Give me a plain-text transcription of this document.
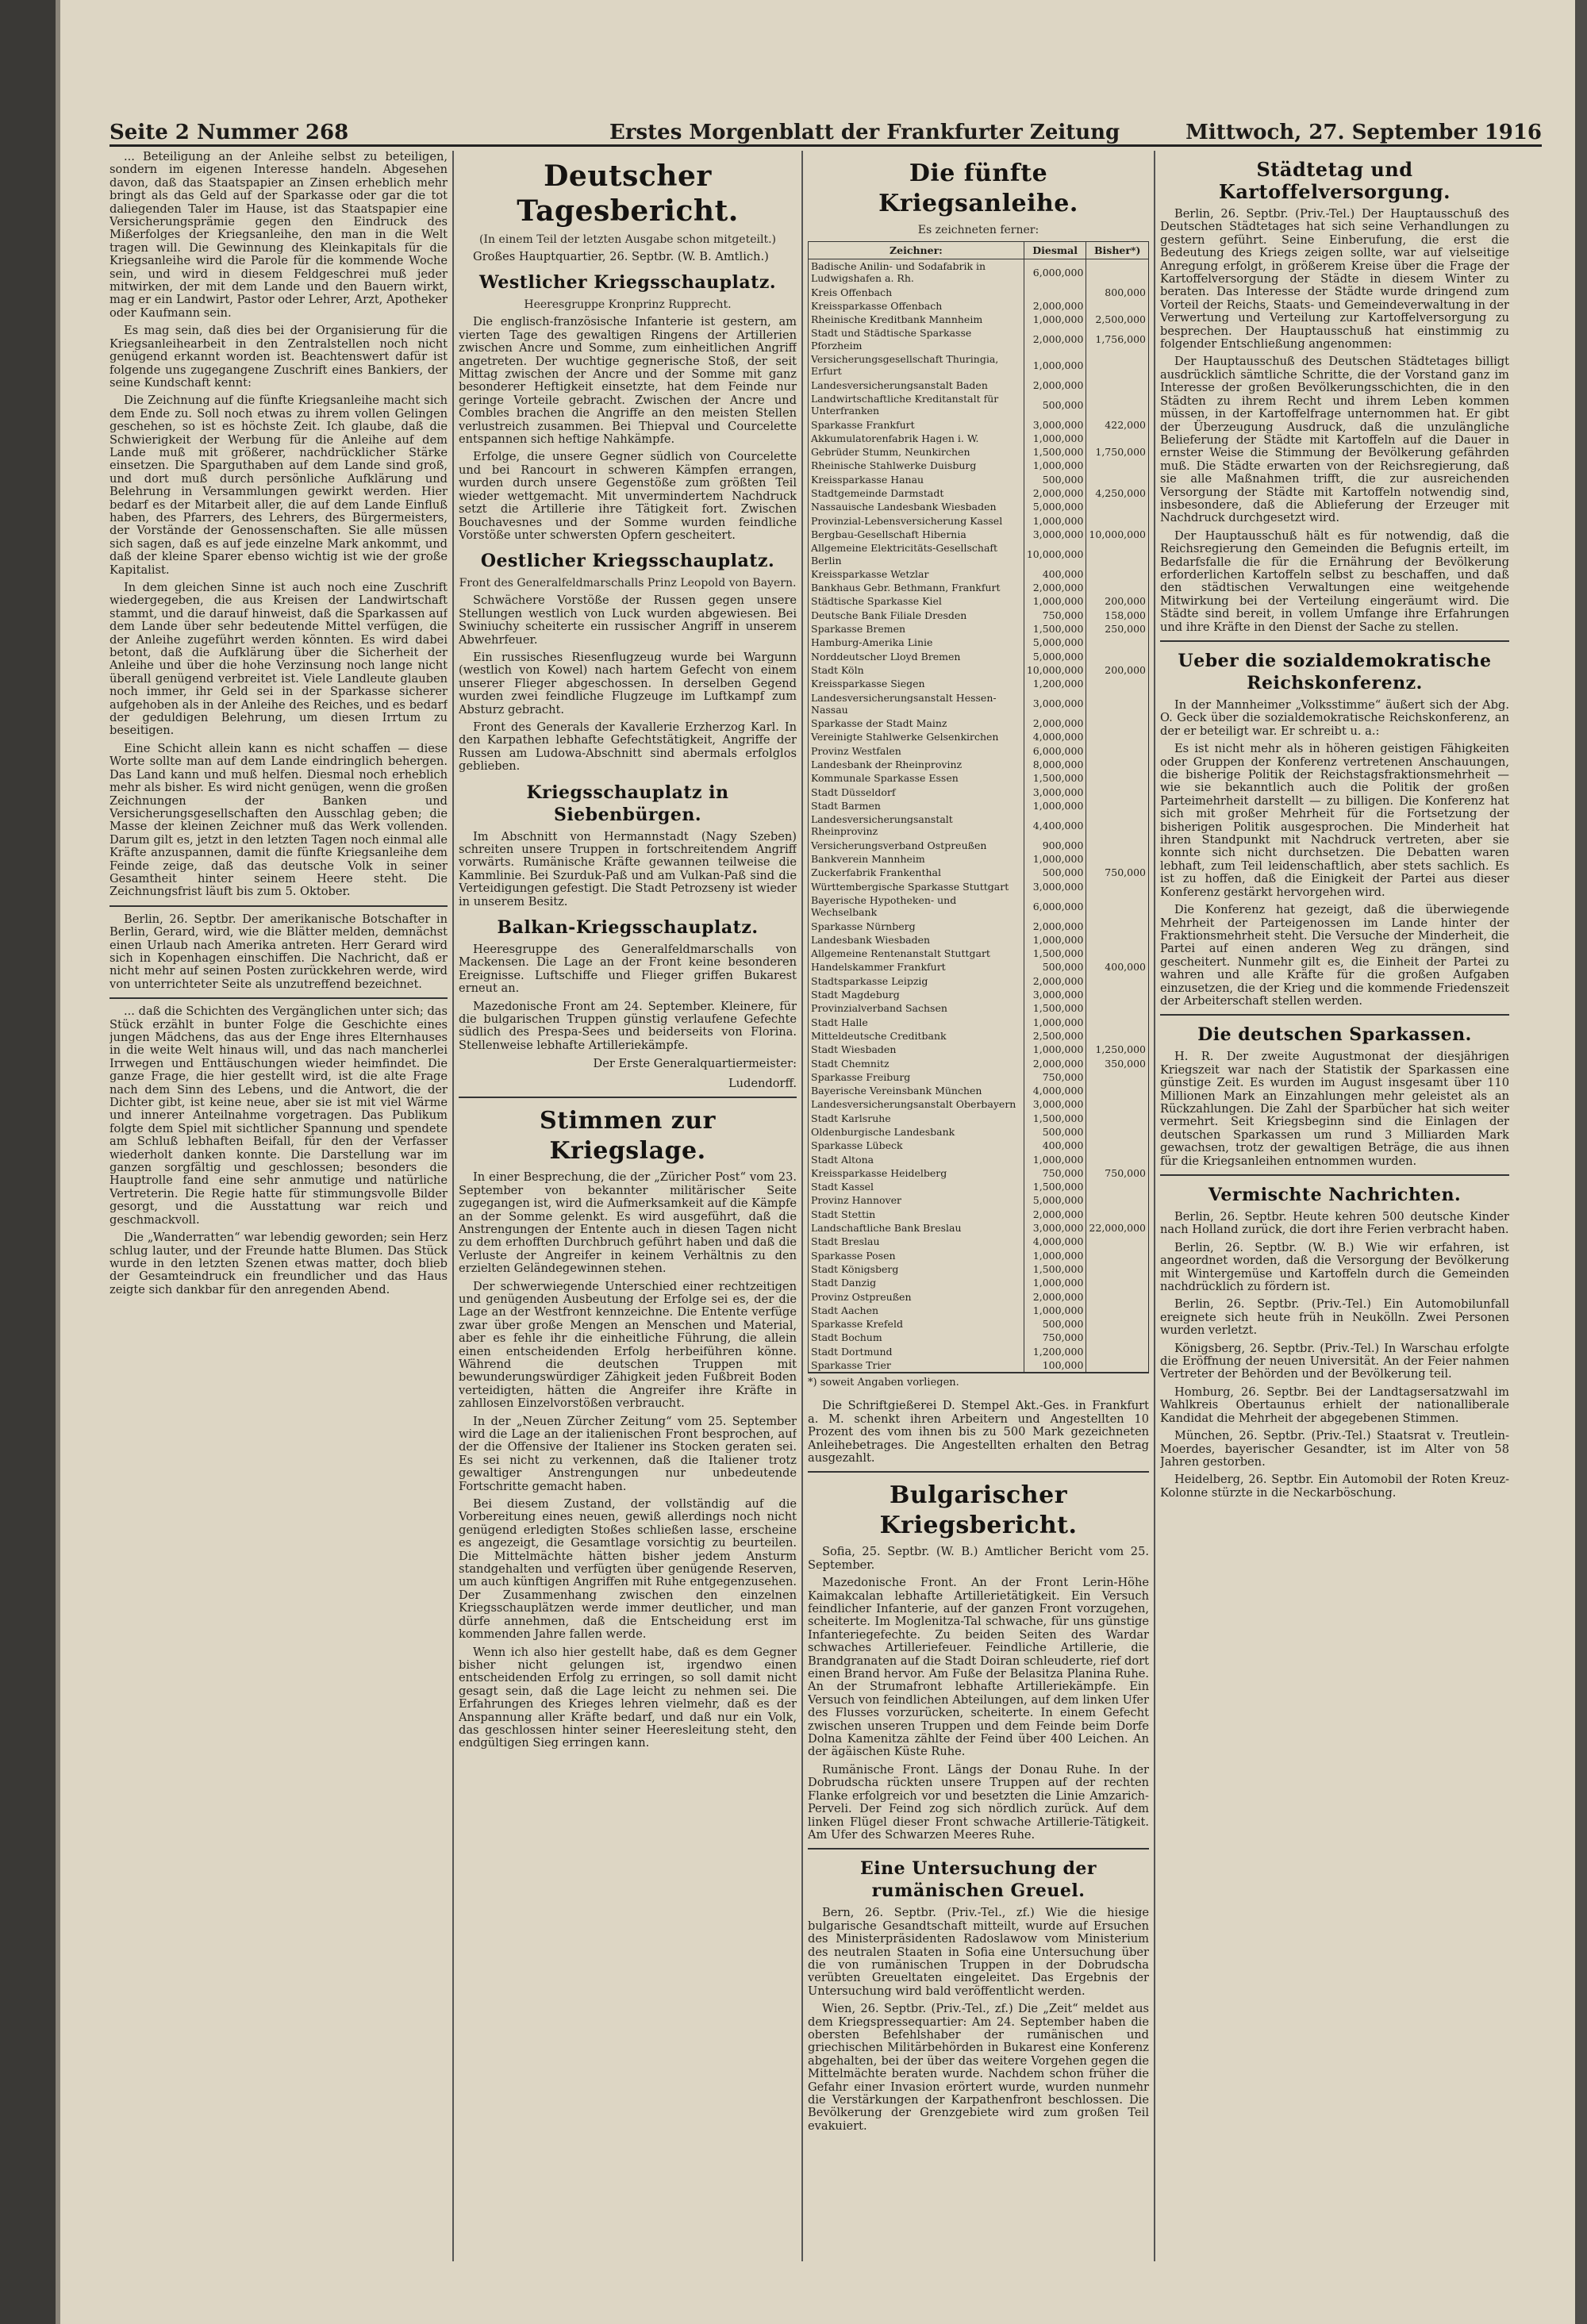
Seite 2 Nummer 268	Erstes Morgenblatt der Frankfurter Zeitung	Mittwoch, 27. September 1916

... Beteiligung an der Anleihe selbst zu beteiligen, sondern im eigenen Interesse handeln. Abgesehen davon, daß das Staatspapier an Zinsen erheblich mehr bringt als das Geld auf der Sparkasse oder gar die tot daliegenden Taler im Hause, ist das Staatspapier eine Versicherungsprämie gegen den Eindruck des Mißerfolges der Kriegsanleihe, den man in die Welt tragen will. Die Gewinnung des Kleinkapitals für die Kriegsanleihe wird die Parole für die kommende Woche sein, und wird in diesem Feldgeschrei muß jeder mitwirken, der mit dem Lande und den Bauern wirkt, mag er ein Landwirt, Pastor oder Lehrer, Arzt, Apotheker oder Kaufmann sein.

Es mag sein, daß dies bei der Organisierung für die Kriegsanleihearbeit in den Zentralstellen noch nicht genügend erkannt worden ist. Beachtenswert dafür ist folgende uns zugegangene Zuschrift eines Bankiers, der seine Kundschaft kennt:

Die Zeichnung auf die fünfte Kriegsanleihe macht sich dem Ende zu. Soll noch etwas zu ihrem vollen Gelingen geschehen, so ist es höchste Zeit. Ich glaube, daß die Schwierigkeit der Werbung für die Anleihe auf dem Lande muß mit größerer, nachdrücklicher Stärke einsetzen. Die Sparguthaben auf dem Lande sind groß, und dort muß durch persönliche Aufklärung und Belehrung in Versammlungen gewirkt werden. Hier bedarf es der Mitarbeit aller, die auf dem Lande Einfluß haben, des Pfarrers, des Lehrers, des Bürgermeisters, der Vorstände der Genossenschaften. Sie alle müssen sich sagen, daß es auf jede einzelne Mark ankommt, und daß der kleine Sparer ebenso wichtig ist wie der große Kapitalist.

In dem gleichen Sinne ist auch noch eine Zuschrift wiedergegeben, die aus Kreisen der Landwirtschaft stammt, und die darauf hinweist, daß die Sparkassen auf dem Lande über sehr bedeutende Mittel verfügen, die der Anleihe zugeführt werden könnten. Es wird dabei betont, daß die Aufklärung über die Sicherheit der Anleihe und über die hohe Verzinsung noch lange nicht überall genügend verbreitet ist. Viele Landleute glauben noch immer, ihr Geld sei in der Sparkasse sicherer aufgehoben als in der Anleihe des Reiches, und es bedarf der geduldigen Belehrung, um diesen Irrtum zu beseitigen.

Eine Schicht allein kann es nicht schaffen — diese Worte sollte man auf dem Lande eindringlich behergen. Das Land kann und muß helfen. Diesmal noch erheblich mehr als bisher. Es wird nicht genügen, wenn die großen Zeichnungen der Banken und Versicherungsgesellschaften den Ausschlag geben; die Masse der kleinen Zeichner muß das Werk vollenden. Darum gilt es, jetzt in den letzten Tagen noch einmal alle Kräfte anzuspannen, damit die fünfte Kriegsanleihe dem Feinde zeige, daß das deutsche Volk in seiner Gesamtheit hinter seinem Heere steht. Die Zeichnungsfrist läuft bis zum 5. Oktober.

Berlin, 26. Septbr. Der amerikanische Botschafter in Berlin, Gerard, wird, wie die Blätter melden, demnächst einen Urlaub nach Amerika antreten. Herr Gerard wird sich in Kopenhagen einschiffen. Die Nachricht, daß er nicht mehr auf seinen Posten zurückkehren werde, wird von unterrichteter Seite als unzutreffend bezeichnet.

... daß die Schichten des Vergänglichen unter sich; das Stück erzählt in bunter Folge die Geschichte eines jungen Mädchens, das aus der Enge ihres Elternhauses in die weite Welt hinaus will, und das nach mancherlei Irrwegen und Enttäuschungen wieder heimfindet. Die ganze Frage, die hier gestellt wird, ist die alte Frage nach dem Sinn des Lebens, und die Antwort, die der Dichter gibt, ist keine neue, aber sie ist mit viel Wärme und innerer Anteilnahme vorgetragen. Das Publikum folgte dem Spiel mit sichtlicher Spannung und spendete am Schluß lebhaften Beifall, für den der Verfasser wiederholt danken konnte. Die Darstellung war im ganzen sorgfältig und geschlossen; besonders die Hauptrolle fand eine sehr anmutige und natürliche Vertreterin. Die Regie hatte für stimmungsvolle Bilder gesorgt, und die Ausstattung war reich und geschmackvoll.

Die „Wanderratten“ war lebendig geworden; sein Herz schlug lauter, und der Freunde hatte Blumen. Das Stück wurde in den letzten Szenen etwas matter, doch blieb der Gesamteindruck ein freundlicher und das Haus zeigte sich dankbar für den anregenden Abend.

Deutscher Tagesbericht.

(In einem Teil der letzten Ausgabe schon mitgeteilt.)

Großes Hauptquartier, 26. Septbr. (W. B. Amtlich.)

Westlicher Kriegsschauplatz.

Heeresgruppe Kronprinz Rupprecht.

Die englisch-französische Infanterie ist gestern, am vierten Tage des gewaltigen Ringens der Artillerien zwischen Ancre und Somme, zum einheitlichen Angriff angetreten. Der wuchtige gegnerische Stoß, der seit Mittag zwischen der Ancre und der Somme mit ganz besonderer Heftigkeit einsetzte, hat dem Feinde nur geringe Vorteile gebracht. Zwischen der Ancre und Combles brachen die Angriffe an den meisten Stellen verlustreich zusammen. Bei Thiepval und Courcelette entspannen sich heftige Nahkämpfe.

Erfolge, die unsere Gegner südlich von Courcelette und bei Rancourt in schweren Kämpfen errangen, wurden durch unsere Gegenstöße zum größten Teil wieder wettgemacht. Mit unvermindertem Nachdruck setzt die Artillerie ihre Tätigkeit fort. Zwischen Bouchavesnes und der Somme wurden feindliche Vorstöße unter schwersten Opfern gescheitert.

Oestlicher Kriegsschauplatz.

Front des Generalfeldmarschalls Prinz Leopold von Bayern.

Schwächere Vorstöße der Russen gegen unsere Stellungen westlich von Luck wurden abgewiesen. Bei Swiniuchy scheiterte ein russischer Angriff in unserem Abwehrfeuer.

Ein russisches Riesenflugzeug wurde bei Wargunn (westlich von Kowel) nach hartem Gefecht von einem unserer Flieger abgeschossen. In derselben Gegend wurden zwei feindliche Flugzeuge im Luftkampf zum Absturz gebracht.

Front des Generals der Kavallerie Erzherzog Karl. In den Karpathen lebhafte Gefechtstätigkeit, Angriffe der Russen am Ludowa-Abschnitt sind abermals erfolglos geblieben.

Kriegsschauplatz in Siebenbürgen.

Im Abschnitt von Hermannstadt (Nagy Szeben) schreiten unsere Truppen in fortschreitendem Angriff vorwärts. Rumänische Kräfte gewannen teilweise die Kammlinie. Bei Szurduk-Paß und am Vulkan-Paß sind die Verteidigungen gefestigt. Die Stadt Petrozseny ist wieder in unserem Besitz.

Balkan-Kriegsschauplatz.

Heeresgruppe des Generalfeldmarschalls von Mackensen. Die Lage an der Front keine besonderen Ereignisse. Luftschiffe und Flieger griffen Bukarest erneut an.

Mazedonische Front am 24. September. Kleinere, für die bulgarischen Truppen günstig verlaufene Gefechte südlich des Prespa-Sees und beiderseits von Florina. Stellenweise lebhafte Artilleriekämpfe.

Der Erste Generalquartiermeister:

Ludendorff.

Stimmen zur Kriegslage.

In einer Besprechung, die der „Züricher Post“ vom 23. September von bekannter militärischer Seite zugegangen ist, wird die Aufmerksamkeit auf die Kämpfe an der Somme gelenkt. Es wird ausgeführt, daß die Anstrengungen der Entente auch in diesen Tagen nicht zu dem erhofften Durchbruch geführt haben und daß die Verluste der Angreifer in keinem Verhältnis zu den erzielten Geländegewinnen stehen.

Der schwerwiegende Unterschied einer rechtzeitigen und genügenden Ausbeutung der Erfolge sei es, der die Lage an der Westfront kennzeichne. Die Entente verfüge zwar über große Mengen an Menschen und Material, aber es fehle ihr die einheitliche Führung, die allein einen entscheidenden Erfolg herbeiführen könne. Während die deutschen Truppen mit bewunderungswürdiger Zähigkeit jeden Fußbreit Boden verteidigten, hätten die Angreifer ihre Kräfte in zahllosen Einzelvorstößen verbraucht.

In der „Neuen Zürcher Zeitung“ vom 25. September wird die Lage an der italienischen Front besprochen, auf der die Offensive der Italiener ins Stocken geraten sei. Es sei nicht zu verkennen, daß die Italiener trotz gewaltiger Anstrengungen nur unbedeutende Fortschritte gemacht haben.

Bei diesem Zustand, der vollständig auf die Vorbereitung eines neuen, gewiß allerdings noch nicht genügend erledigten Stoßes schließen lasse, erscheine es angezeigt, die Gesamtlage vorsichtig zu beurteilen. Die Mittelmächte hätten bisher jedem Ansturm standgehalten und verfügten über genügende Reserven, um auch künftigen Angriffen mit Ruhe entgegenzusehen. Der Zusammenhang zwischen den einzelnen Kriegsschauplätzen werde immer deutlicher, und man dürfe annehmen, daß die Entscheidung erst im kommenden Jahre fallen werde.

Wenn ich also hier gestellt habe, daß es dem Gegner bisher nicht gelungen ist, irgendwo einen entscheidenden Erfolg zu erringen, so soll damit nicht gesagt sein, daß die Lage leicht zu nehmen sei. Die Erfahrungen des Krieges lehren vielmehr, daß es der Anspannung aller Kräfte bedarf, und daß nur ein Volk, das geschlossen hinter seiner Heeresleitung steht, den endgültigen Sieg erringen kann.

Die fünfte Kriegsanleihe.

Es zeichneten ferner:

Zeichner:	Diesmal	Bisher*)
Badische Anilin- und Sodafabrik in Ludwigshafen a. Rh.	6,000,000	
Kreis Offenbach		800,000
Kreissparkasse Offenbach	2,000,000	
Rheinische Kreditbank Mannheim	1,000,000	2,500,000
Stadt und Städtische Sparkasse Pforzheim	2,000,000	1,756,000
Versicherungsgesellschaft Thuringia, Erfurt	1,000,000	
Landesversicherungsanstalt Baden	2,000,000	
Landwirtschaftliche Kreditanstalt für Unterfranken	500,000	
Sparkasse Frankfurt	3,000,000	422,000
Akkumulatorenfabrik Hagen i. W.	1,000,000	
Gebrüder Stumm, Neunkirchen	1,500,000	1,750,000
Rheinische Stahlwerke Duisburg	1,000,000	
Kreissparkasse Hanau	500,000	
Stadtgemeinde Darmstadt	2,000,000	4,250,000
Nassauische Landesbank Wiesbaden	5,000,000	
Provinzial-Lebensversicherung Kassel	1,000,000	
Bergbau-Gesellschaft Hibernia	3,000,000	10,000,000
Allgemeine Elektricitäts-Gesellschaft Berlin	10,000,000	
Kreissparkasse Wetzlar	400,000	
Bankhaus Gebr. Bethmann, Frankfurt	2,000,000	
Städtische Sparkasse Kiel	1,000,000	200,000
Deutsche Bank Filiale Dresden	750,000	158,000
Sparkasse Bremen	1,500,000	250,000
Hamburg-Amerika Linie	5,000,000	
Norddeutscher Lloyd Bremen	5,000,000	
Stadt Köln	10,000,000	200,000
Kreissparkasse Siegen	1,200,000	
Landesversicherungsanstalt Hessen-Nassau	3,000,000	
Sparkasse der Stadt Mainz	2,000,000	
Vereinigte Stahlwerke Gelsenkirchen	4,000,000	
Provinz Westfalen	6,000,000	
Landesbank der Rheinprovinz	8,000,000	
Kommunale Sparkasse Essen	1,500,000	
Stadt Düsseldorf	3,000,000	
Stadt Barmen	1,000,000	
Landesversicherungsanstalt Rheinprovinz	4,400,000	
Versicherungsverband Ostpreußen	900,000	
Bankverein Mannheim	1,000,000	
Zuckerfabrik Frankenthal	500,000	750,000
Württembergische Sparkasse Stuttgart	3,000,000	
Bayerische Hypotheken- und Wechselbank	6,000,000	
Sparkasse Nürnberg	2,000,000	
Landesbank Wiesbaden	1,000,000	
Allgemeine Rentenanstalt Stuttgart	1,500,000	
Handelskammer Frankfurt	500,000	400,000
Stadtsparkasse Leipzig	2,000,000	
Stadt Magdeburg	3,000,000	
Provinzialverband Sachsen	1,500,000	
Stadt Halle	1,000,000	
Mitteldeutsche Creditbank	2,500,000	
Stadt Wiesbaden	1,000,000	1,250,000
Stadt Chemnitz	2,000,000	350,000
Sparkasse Freiburg	750,000	
Bayerische Vereinsbank München	4,000,000	
Landesversicherungsanstalt Oberbayern	3,000,000	
Stadt Karlsruhe	1,500,000	
Oldenburgische Landesbank	500,000	
Sparkasse Lübeck	400,000	
Stadt Altona	1,000,000	
Kreissparkasse Heidelberg	750,000	750,000
Stadt Kassel	1,500,000	
Provinz Hannover	5,000,000	
Stadt Stettin	2,000,000	
Landschaftliche Bank Breslau	3,000,000	22,000,000
Stadt Breslau	4,000,000	
Sparkasse Posen	1,000,000	
Stadt Königsberg	1,500,000	
Stadt Danzig	1,000,000	
Provinz Ostpreußen	2,000,000	
Stadt Aachen	1,000,000	
Sparkasse Krefeld	500,000	
Stadt Bochum	750,000	
Stadt Dortmund	1,200,000	
Sparkasse Trier	100,000	

*) soweit Angaben vorliegen.

Die Schriftgießerei D. Stempel Akt.-Ges. in Frankfurt a. M. schenkt ihren Arbeitern und Angestellten 10 Prozent des vom ihnen bis zu 500 Mark gezeichneten Anleihebetrages. Die Angestellten erhalten den Betrag ausgezahlt.

Bulgarischer Kriegsbericht.

Sofia, 25. Septbr. (W. B.) Amtlicher Bericht vom 25. September.

Mazedonische Front. An der Front Lerin-Höhe Kaimakcalan lebhafte Artillerietätigkeit. Ein Versuch feindlicher Infanterie, auf der ganzen Front vorzugehen, scheiterte. Im Moglenitza-Tal schwache, für uns günstige Infanteriegefechte. Zu beiden Seiten des Wardar schwaches Artilleriefeuer. Feindliche Artillerie, die Brandgranaten auf die Stadt Doiran schleuderte, rief dort einen Brand hervor. Am Fuße der Belasitza Planina Ruhe. An der Strumafront lebhafte Artilleriekämpfe. Ein Versuch von feindlichen Abteilungen, auf dem linken Ufer des Flusses vorzurücken, scheiterte. In einem Gefecht zwischen unseren Truppen und dem Feinde beim Dorfe Dolna Kamenitza zählte der Feind über 400 Leichen. An der ägäischen Küste Ruhe.

Rumänische Front. Längs der Donau Ruhe. In der Dobrudscha rückten unsere Truppen auf der rechten Flanke erfolgreich vor und besetzten die Linie Amzarich-Perveli. Der Feind zog sich nördlich zurück. Auf dem linken Flügel dieser Front schwache Artillerie-Tätigkeit. Am Ufer des Schwarzen Meeres Ruhe.

Eine Untersuchung der rumänischen Greuel.

Bern, 26. Septbr. (Priv.-Tel., zf.) Wie die hiesige bulgarische Gesandtschaft mitteilt, wurde auf Ersuchen des Ministerpräsidenten Radoslawow vom Ministerium des neutralen Staaten in Sofia eine Untersuchung über die von rumänischen Truppen in der Dobrudscha verübten Greueltaten eingeleitet. Das Ergebnis der Untersuchung wird bald veröffentlicht werden.

Wien, 26. Septbr. (Priv.-Tel., zf.) Die „Zeit“ meldet aus dem Kriegspressequartier: Am 24. September haben die obersten Befehlshaber der rumänischen und griechischen Militärbehörden in Bukarest eine Konferenz abgehalten, bei der über das weitere Vorgehen gegen die Mittelmächte beraten wurde. Nachdem schon früher die Gefahr einer Invasion erörtert wurde, wurden nunmehr die Verstärkungen der Karpathenfront beschlossen. Die Bevölkerung der Grenzgebiete wird zum großen Teil evakuiert.

Städtetag und Kartoffelversorgung.

Berlin, 26. Septbr. (Priv.-Tel.) Der Hauptausschuß des Deutschen Städtetages hat sich seine Verhandlungen zu gestern geführt. Seine Einberufung, die erst die Bedeutung des Kriegs zeigen sollte, war auf vielseitige Anregung erfolgt, in größerem Kreise über die Frage der Kartoffelversorgung der Städte in diesem Winter zu beraten. Das Interesse der Städte wurde dringend zum Vorteil der Reichs, Staats- und Gemeindeverwaltung in der Verwertung und Verteilung zur Kartoffelversorgung zu besprechen. Der Hauptausschuß hat einstimmig zu folgender Entschließung angenommen:

Der Hauptausschuß des Deutschen Städtetages billigt ausdrücklich sämtliche Schritte, die der Vorstand ganz im Interesse der großen Bevölkerungsschichten, die in den Städten zu ihrem Recht und ihrem Leben kommen müssen, in der Kartoffelfrage unternommen hat. Er gibt der Überzeugung Ausdruck, daß die unzulängliche Belieferung der Städte mit Kartoffeln auf die Dauer in ernster Weise die Stimmung der Bevölkerung gefährden muß. Die Städte erwarten von der Reichsregierung, daß sie alle Maßnahmen trifft, die zur ausreichenden Versorgung der Städte mit Kartoffeln notwendig sind, insbesondere, daß die Ablieferung der Erzeuger mit Nachdruck durchgesetzt wird.

Der Hauptausschuß hält es für notwendig, daß die Reichsregierung den Gemeinden die Befugnis erteilt, im Bedarfsfalle die für die Ernährung der Bevölkerung erforderlichen Kartoffeln selbst zu beschaffen, und daß den städtischen Verwaltungen eine weitgehende Mitwirkung bei der Verteilung eingeräumt wird. Die Städte sind bereit, in vollem Umfange ihre Erfahrungen und ihre Kräfte in den Dienst der Sache zu stellen.

Ueber die sozialdemokratische Reichskonferenz.

In der Mannheimer „Volksstimme“ äußert sich der Abg. O. Geck über die sozialdemokratische Reichskonferenz, an der er beteiligt war. Er schreibt u. a.:

Es ist nicht mehr als in höheren geistigen Fähigkeiten oder Gruppen der Konferenz vertretenen Anschauungen, die bisherige Politik der Reichstagsfraktionsmehrheit — wie sie bekanntlich auch die Politik der großen Parteimehrheit darstellt — zu billigen. Die Konferenz hat sich mit großer Mehrheit für die Fortsetzung der bisherigen Politik ausgesprochen. Die Minderheit hat ihren Standpunkt mit Nachdruck vertreten, aber sie konnte sich nicht durchsetzen. Die Debatten waren lebhaft, zum Teil leidenschaftlich, aber stets sachlich. Es ist zu hoffen, daß die Einigkeit der Partei aus dieser Konferenz gestärkt hervorgehen wird.

Die Konferenz hat gezeigt, daß die überwiegende Mehrheit der Parteigenossen im Lande hinter der Fraktionsmehrheit steht. Die Versuche der Minderheit, die Partei auf einen anderen Weg zu drängen, sind gescheitert. Nunmehr gilt es, die Einheit der Partei zu wahren und alle Kräfte für die großen Aufgaben einzusetzen, die der Krieg und die kommende Friedenszeit der Arbeiterschaft stellen werden.

Die deutschen Sparkassen.

H. R. Der zweite Augustmonat der diesjährigen Kriegszeit war nach der Statistik der Sparkassen eine günstige Zeit. Es wurden im August insgesamt über 110 Millionen Mark an Einzahlungen mehr geleistet als an Rückzahlungen. Die Zahl der Sparbücher hat sich weiter vermehrt. Seit Kriegsbeginn sind die Einlagen der deutschen Sparkassen um rund 3 Milliarden Mark gewachsen, trotz der gewaltigen Beträge, die aus ihnen für die Kriegsanleihen entnommen wurden.

Vermischte Nachrichten.

Berlin, 26. Septbr. Heute kehren 500 deutsche Kinder nach Holland zurück, die dort ihre Ferien verbracht haben.

Berlin, 26. Septbr. (W. B.) Wie wir erfahren, ist angeordnet worden, daß die Versorgung der Bevölkerung mit Wintergemüse und Kartoffeln durch die Gemeinden nachdrücklich zu fördern ist.

Berlin, 26. Septbr. (Priv.-Tel.) Ein Automobilunfall ereignete sich heute früh in Neukölln. Zwei Personen wurden verletzt.

Königsberg, 26. Septbr. (Priv.-Tel.) In Warschau erfolgte die Eröffnung der neuen Universität. An der Feier nahmen Vertreter der Behörden und der Bevölkerung teil.

Homburg, 26. Septbr. Bei der Landtagsersatzwahl im Wahlkreis Obertaunus erhielt der nationalliberale Kandidat die Mehrheit der abgegebenen Stimmen.

München, 26. Septbr. (Priv.-Tel.) Staatsrat v. Treutlein-Moerdes, bayerischer Gesandter, ist im Alter von 58 Jahren gestorben.

Heidelberg, 26. Septbr. Ein Automobil der Roten Kreuz-Kolonne stürzte in die Neckarböschung.
